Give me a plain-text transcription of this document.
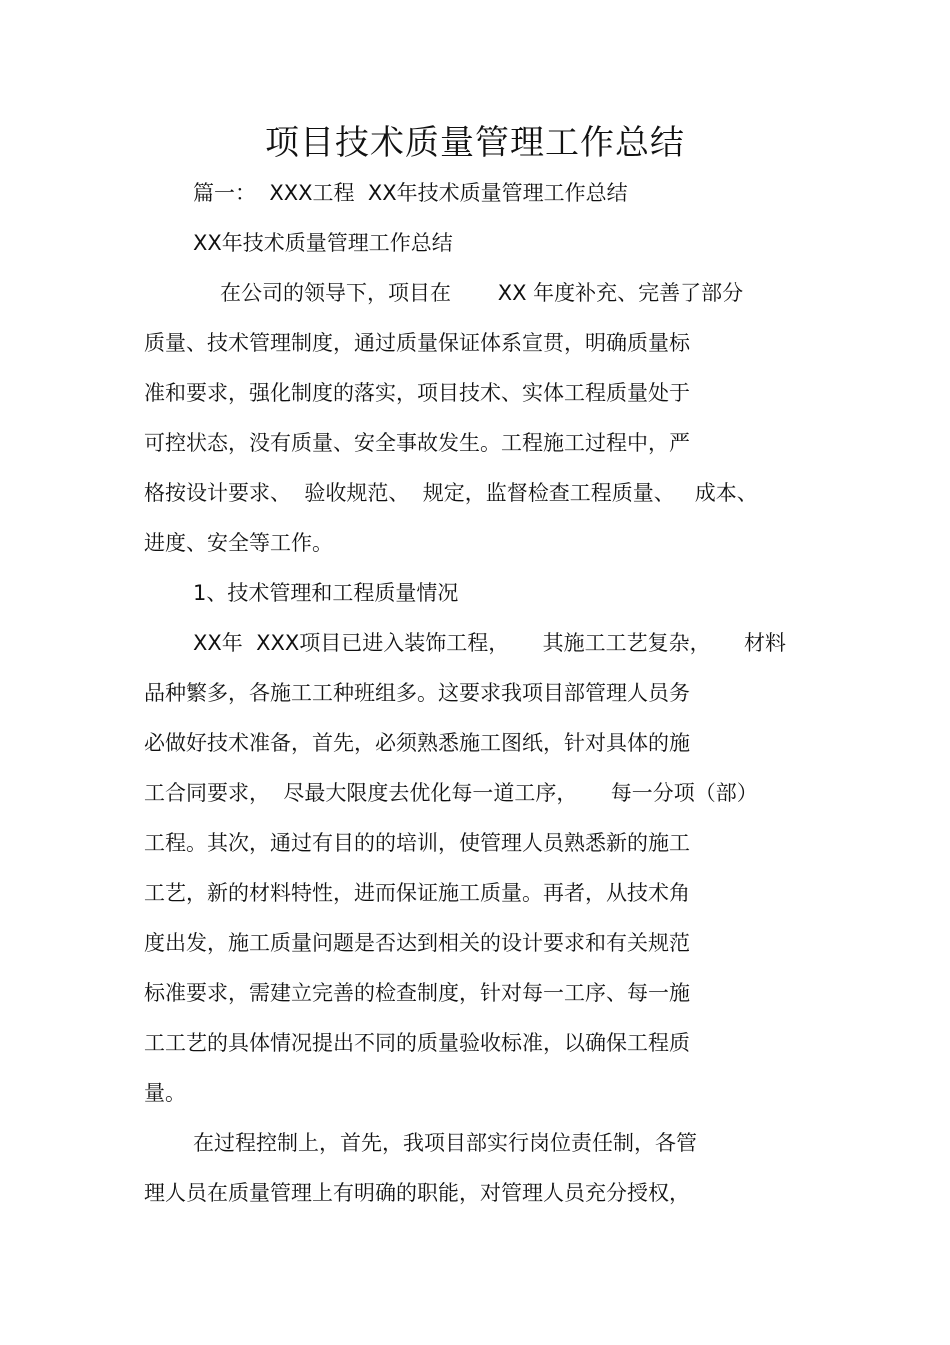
项目技术质量管理工作总结

篇一：  XXX工程  XX年技术质量管理工作总结

XX年技术质量管理工作总结

在公司的领导下，项目在       XX 年度补充、完善了部分

质量、技术管理制度，通过质量保证体系宣贯，明确质量标

准和要求，强化制度的落实，项目技术、实体工程质量处于

可控状态，没有质量、安全事故发生。工程施工过程中，严

格按设计要求、  验收规范、  规定，监督检查工程质量、   成本、

进度、安全等工作。

1、技术管理和工程质量情况

XX年  XXX项目已进入装饰工程，     其施工工艺复杂，     材料

品种繁多，各施工工种班组多。这要求我项目部管理人员务

必做好技术准备，首先，必须熟悉施工图纸，针对具体的施

工合同要求，  尽最大限度去优化每一道工序，     每一分项（部）

工程。其次，通过有目的的培训，使管理人员熟悉新的施工

工艺，新的材料特性，进而保证施工质量。再者，从技术角

度出发，施工质量问题是否达到相关的设计要求和有关规范

标准要求，需建立完善的检查制度，针对每一工序、每一施

工工艺的具体情况提出不同的质量验收标准，以确保工程质

量。

在过程控制上，首先，我项目部实行岗位责任制，各管

理人员在质量管理上有明确的职能，对管理人员充分授权，
